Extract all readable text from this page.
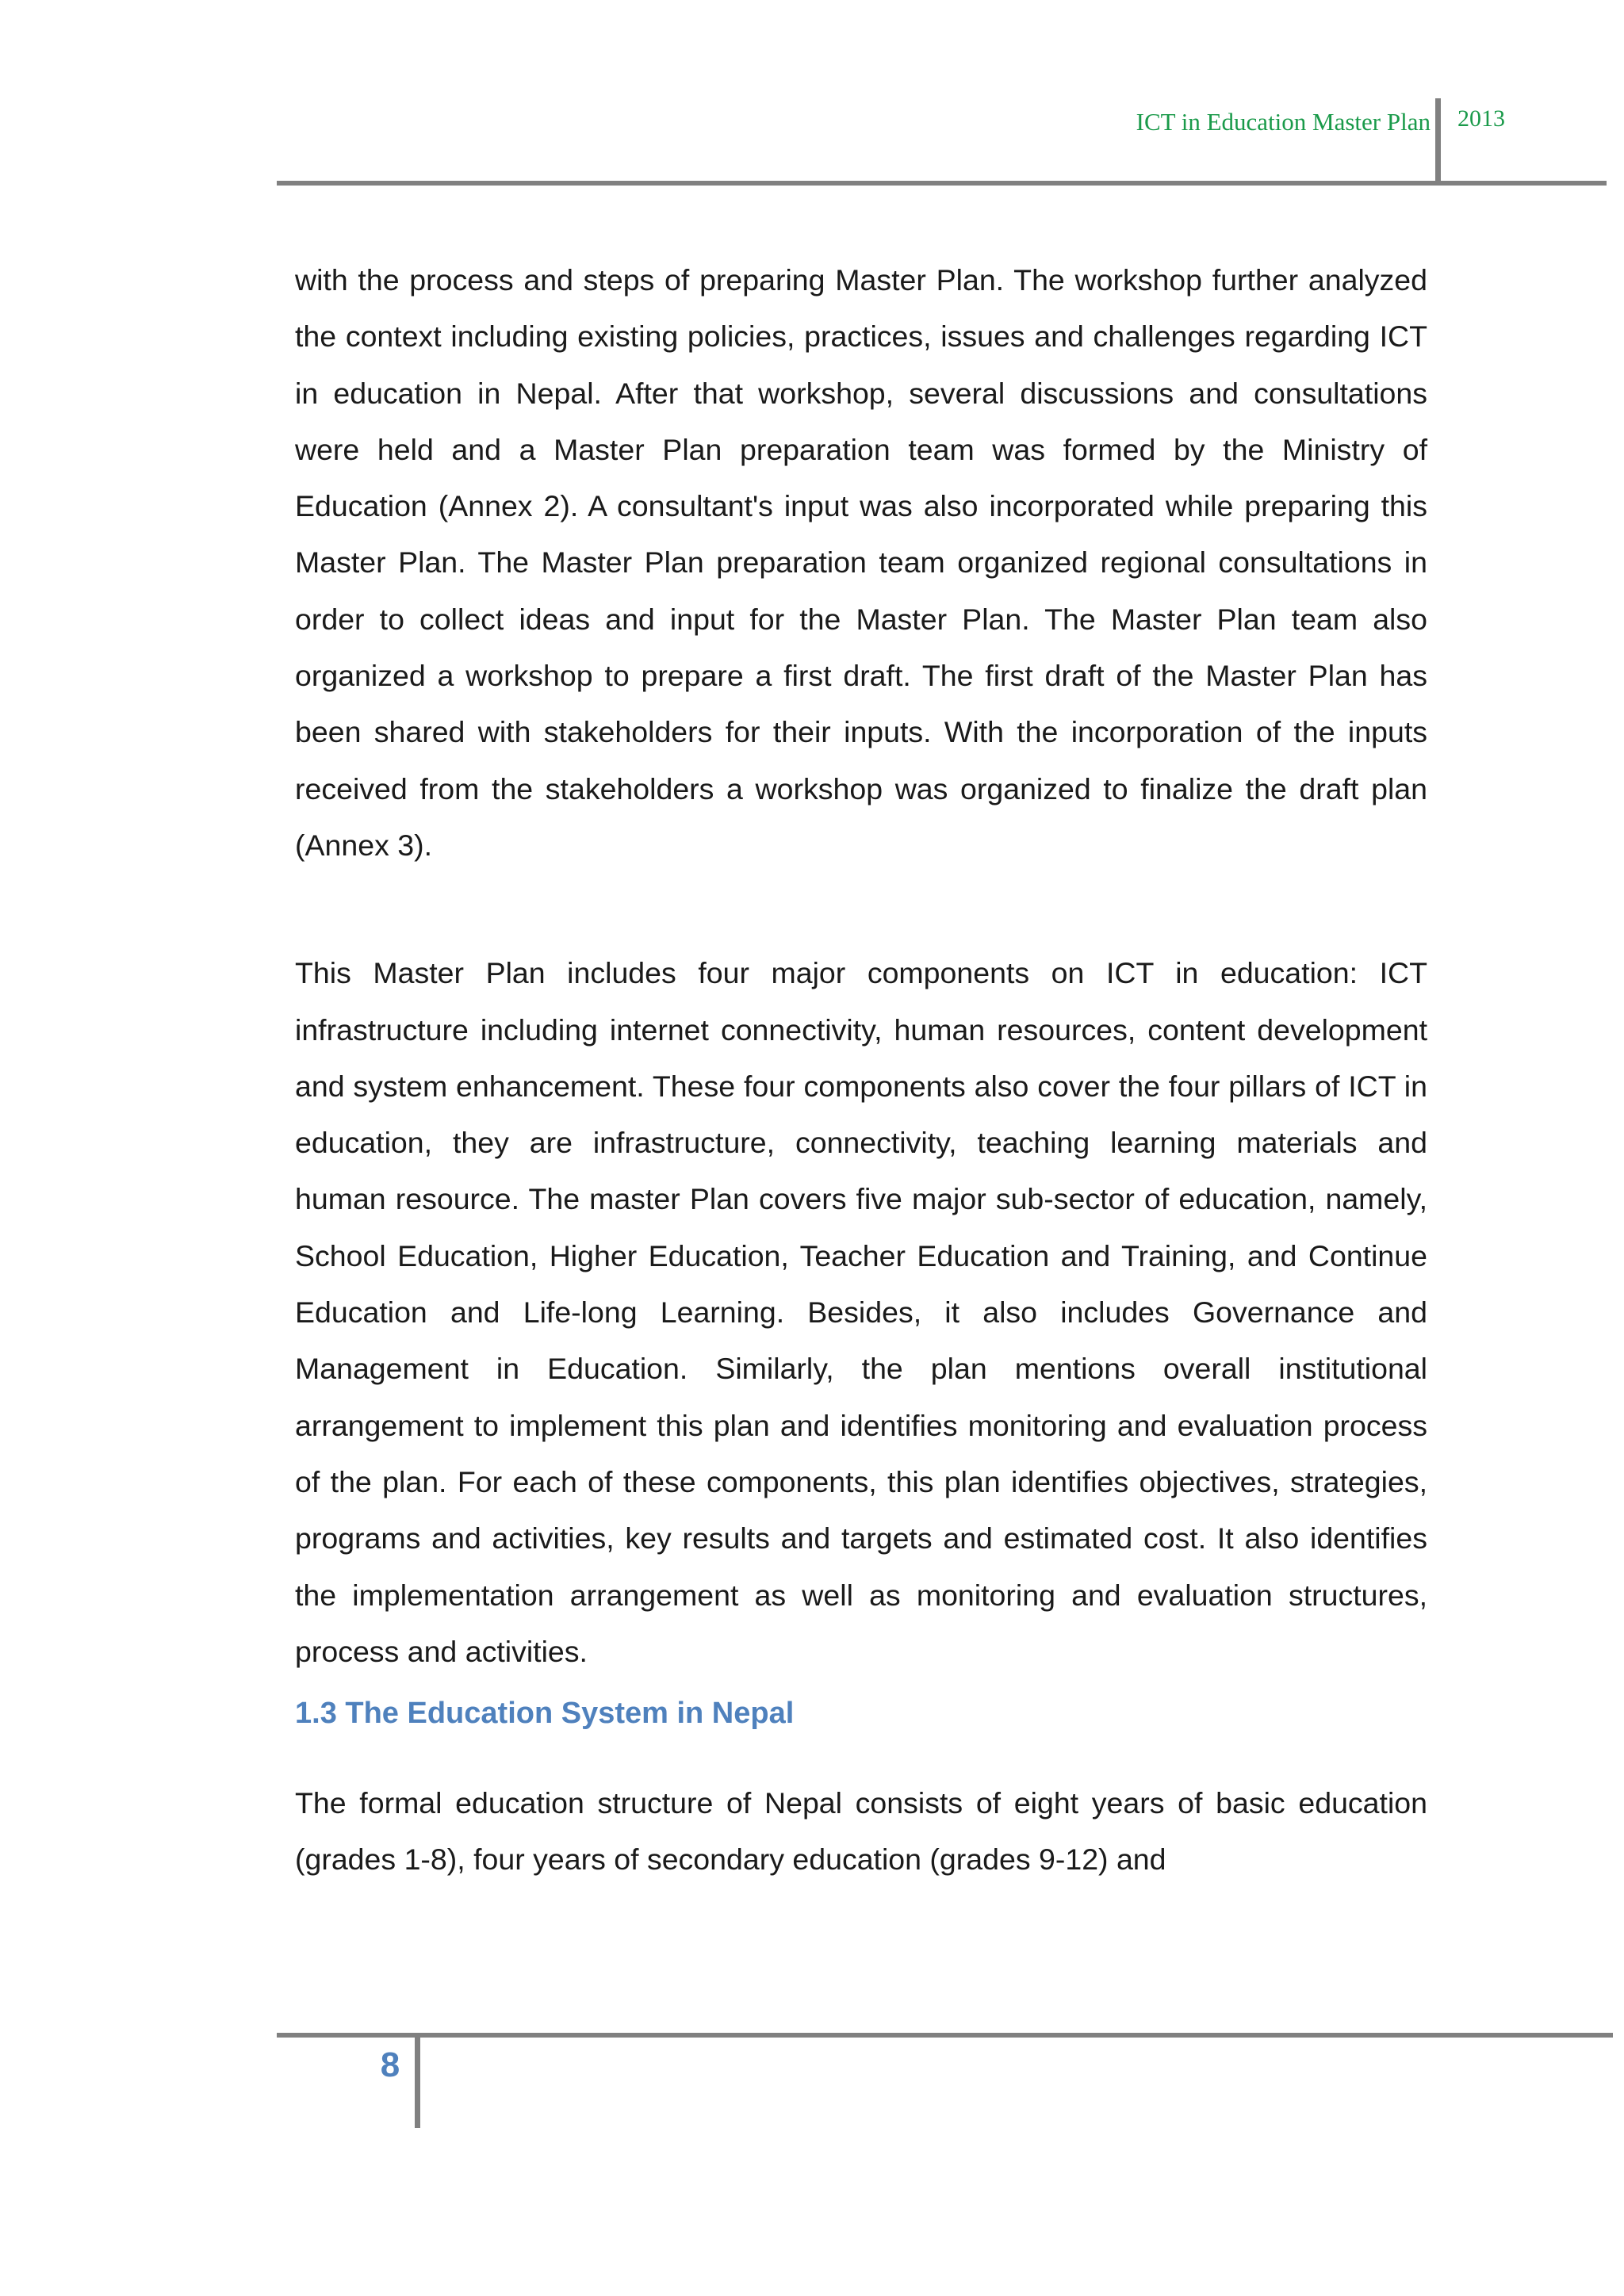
ICT in Education Master Plan 2013

with the process and steps of preparing Master Plan. The workshop further analyzed the context including existing policies, practices, issues and challenges regarding ICT in education in Nepal. After that workshop, several discussions and consultations were held and a Master Plan preparation team was formed by the Ministry of Education (Annex 2). A consultant's input was also incorporated while preparing this Master Plan. The Master Plan preparation team organized regional consultations in order to collect ideas and input for the Master Plan. The Master Plan team also organized a workshop to prepare a first draft. The first draft of the Master Plan has been shared with stakeholders for their inputs. With the incorporation of the inputs received from the stakeholders a workshop was organized to finalize the draft plan (Annex 3).

This Master Plan includes four major components on ICT in education: ICT infrastructure including internet connectivity, human resources, content development and system enhancement. These four components also cover the four pillars of ICT in education, they are infrastructure, connectivity, teaching learning materials and human resource. The master Plan covers five major sub-sector of education, namely, School Education, Higher Education, Teacher Education and Training, and Continue Education and Life-long Learning. Besides, it also includes Governance and Management in Education. Similarly, the plan mentions overall institutional arrangement to implement this plan and identifies monitoring and evaluation process of the plan. For each of these components, this plan identifies objectives, strategies, programs and activities, key results and targets and estimated cost. It also identifies the implementation arrangement as well as monitoring and evaluation structures, process and activities.

1.3 The Education System in Nepal

The formal education structure of Nepal consists of eight years of basic education (grades 1-8), four years of secondary education (grades 9-12) and

8
